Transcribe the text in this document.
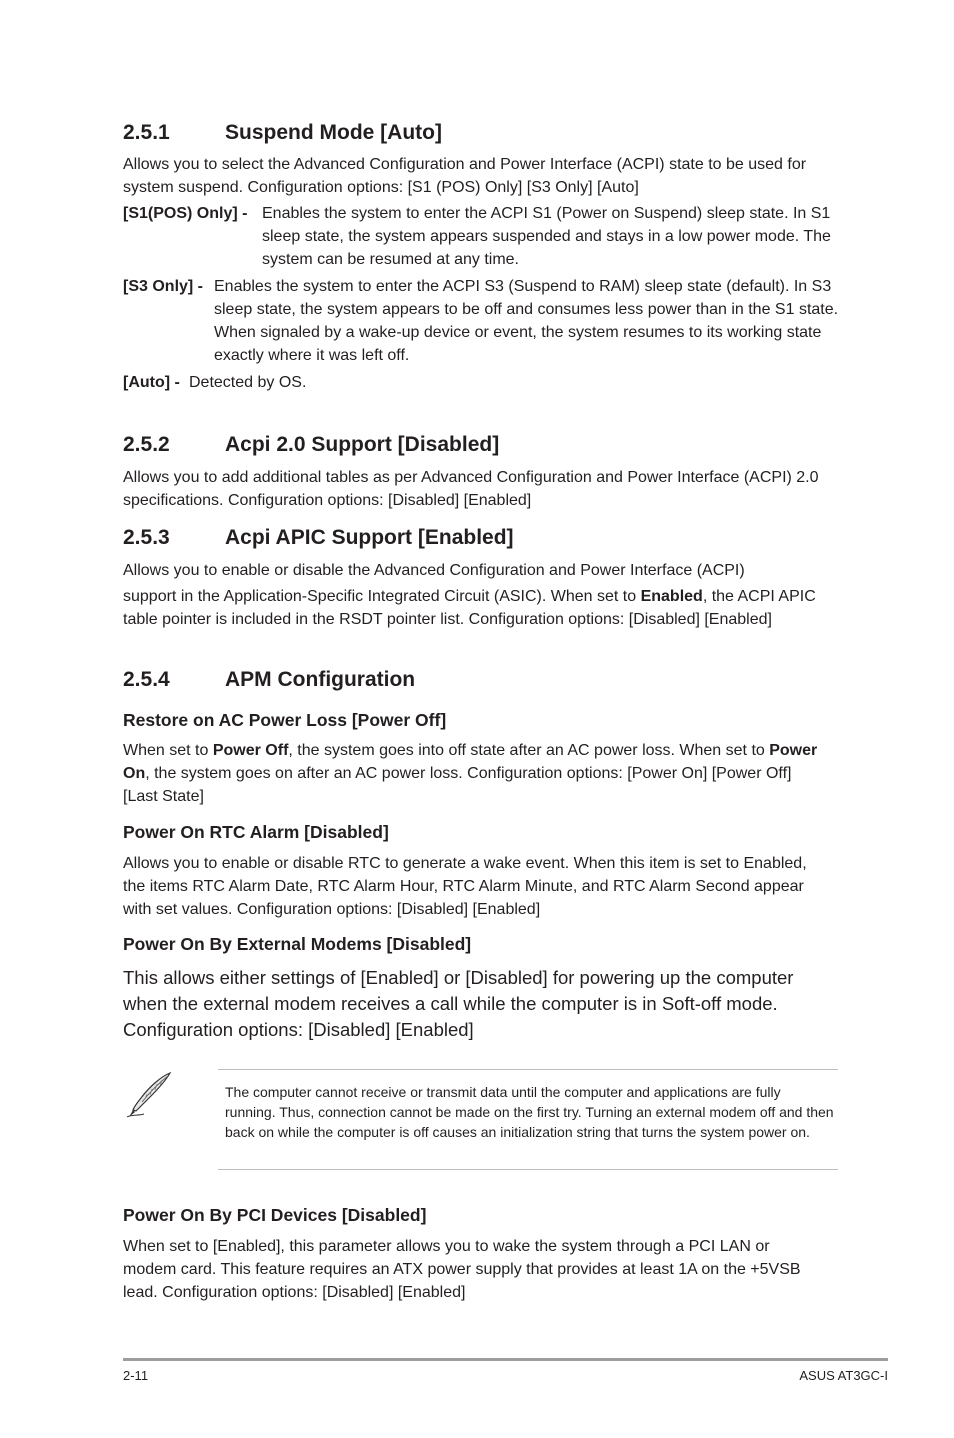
2.5.1	Suspend Mode [Auto]
Allows you to select the Advanced Configuration and Power Interface (ACPI) state to be used for system suspend. Configuration options: [S1 (POS) Only] [S3 Only] [Auto]
[S1(POS) Only] - Enables the system to enter the ACPI S1 (Power on Suspend) sleep state. In S1 sleep state, the system appears suspended and stays in a low power mode. The system can be resumed at any time.
[S3 Only] - Enables the system to enter the ACPI S3 (Suspend to RAM) sleep state (default). In S3 sleep state, the system appears to be off and consumes less power than in the S1 state. When signaled by a wake-up device or event, the system resumes to its working state exactly where it was left off.
[Auto] - Detected by OS.
2.5.2	Acpi 2.0 Support [Disabled]
Allows you to add additional tables as per Advanced Configuration and Power Interface (ACPI) 2.0 specifications. Configuration options: [Disabled] [Enabled]
2.5.3	Acpi APIC Support [Enabled]
Allows you to enable or disable the Advanced Configuration and Power Interface (ACPI)
support in the Application-Specific Integrated Circuit (ASIC). When set to Enabled, the ACPI APIC table pointer is included in the RSDT pointer list. Configuration options: [Disabled] [Enabled]
2.5.4	APM Configuration
Restore on AC Power Loss [Power Off]
When set to Power Off, the system goes into off state after an AC power loss. When set to Power On, the system goes on after an AC power loss. Configuration options: [Power On] [Power Off] [Last State]
Power On RTC Alarm [Disabled]
Allows you to enable or disable RTC to generate a wake event. When this item is set to Enabled, the items RTC Alarm Date, RTC Alarm Hour, RTC Alarm Minute, and RTC Alarm Second appear with set values. Configuration options: [Disabled] [Enabled]
Power On By External Modems [Disabled]
This allows either settings of [Enabled] or [Disabled] for powering up the computer when the external modem receives a call while the computer is in Soft-off mode. Configuration options: [Disabled] [Enabled]
The computer cannot receive or transmit data until the computer and applications are fully running. Thus, connection cannot be made on the first try. Turning an external modem off and then back on while the computer is off causes an initialization string that turns the system power on.
Power On By PCI Devices [Disabled]
When set to [Enabled], this parameter allows you to wake the system through a PCI LAN or modem card. This feature requires an ATX power supply that provides at least 1A on the +5VSB lead. Configuration options: [Disabled] [Enabled]
2-11	ASUS AT3GC-I
